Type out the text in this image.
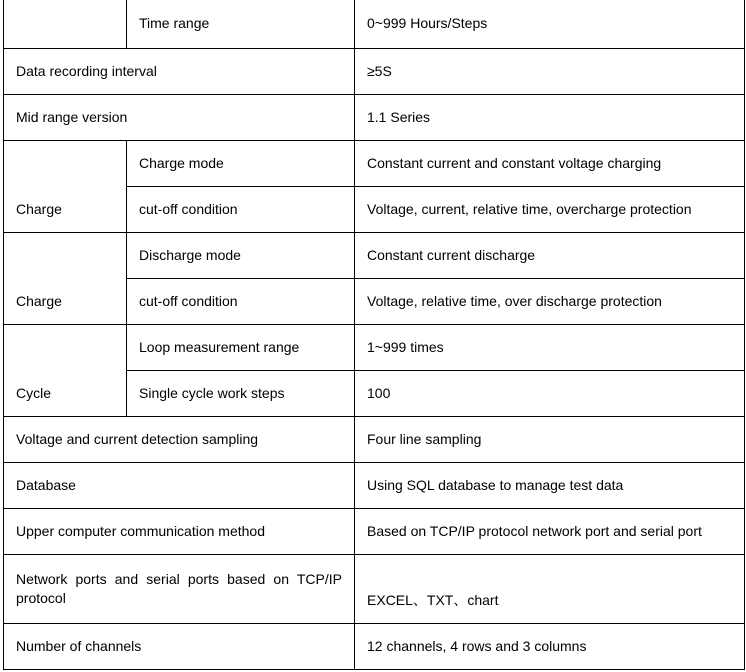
	Time range	0~999 Hours/Steps
Data recording interval		≥5S
Mid range version		1.1 Series
Charge	Charge mode	Constant current and constant voltage charging
	cut-off condition	Voltage, current, relative time, overcharge protection
Charge	Discharge mode	Constant current discharge
	cut-off condition	Voltage, relative time, over discharge protection
Cycle	Loop measurement range	1~999 times
	Single cycle work steps	100
Voltage and current detection sampling		Four line sampling
Database		Using SQL database to manage test data
Upper computer communication method		Based on TCP/IP protocol network port and serial port
Network ports and serial ports based on TCP/IP protocol		EXCEL、TXT、chart
Number of channels		12 channels, 4 rows and 3 columns
